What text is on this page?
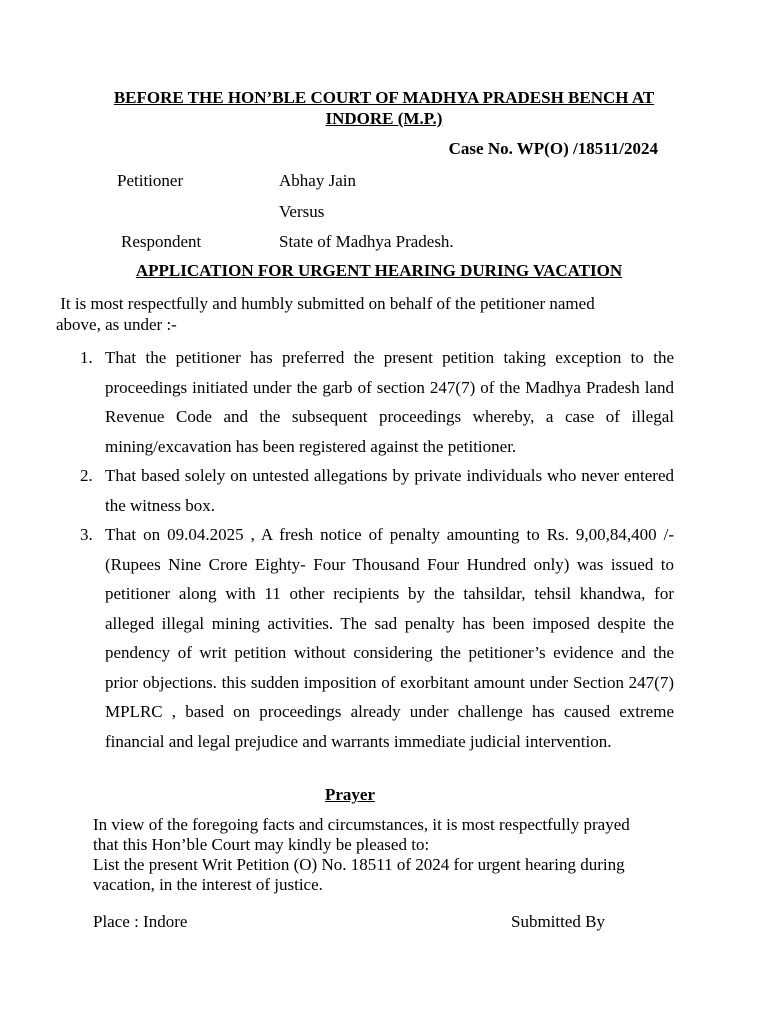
BEFORE THE HON’BLE COURT OF MADHYA PRADESH BENCH AT
INDORE (M.P.)
Case No. WP(O) /18511/2024
Petitioner	Abhay Jain
Versus
Respondent	State of Madhya Pradesh.
APPLICATION FOR URGENT HEARING DURING VACATION
It is most respectfully and humbly submitted on behalf of the petitioner named
above, as under :-
1. That the petitioner has preferred the present petition taking exception to the proceedings initiated under the garb of section 247(7) of the Madhya Pradesh land Revenue Code and the subsequent proceedings whereby, a case of illegal mining/excavation has been registered against the petitioner.
2. That based solely on untested allegations by private individuals who never entered the witness box.
3. That on 09.04.2025 , A fresh notice of penalty amounting to Rs. 9,00,84,400 /- (Rupees Nine Crore Eighty- Four Thousand Four Hundred only) was issued to petitioner along with 11 other recipients by the tahsildar, tehsil khandwa, for alleged illegal mining activities. The sad penalty has been imposed despite the pendency of writ petition without considering the petitioner’s evidence and the prior objections. this sudden imposition of exorbitant amount under Section 247(7) MPLRC , based on proceedings already under challenge has caused extreme financial and legal prejudice and warrants immediate judicial intervention.
Prayer
In view of the foregoing facts and circumstances, it is most respectfully prayed
that this Hon’ble Court may kindly be pleased to:
List the present Writ Petition (O) No. 18511 of 2024 for urgent hearing during
vacation, in the interest of justice.
Place : Indore	Submitted By
